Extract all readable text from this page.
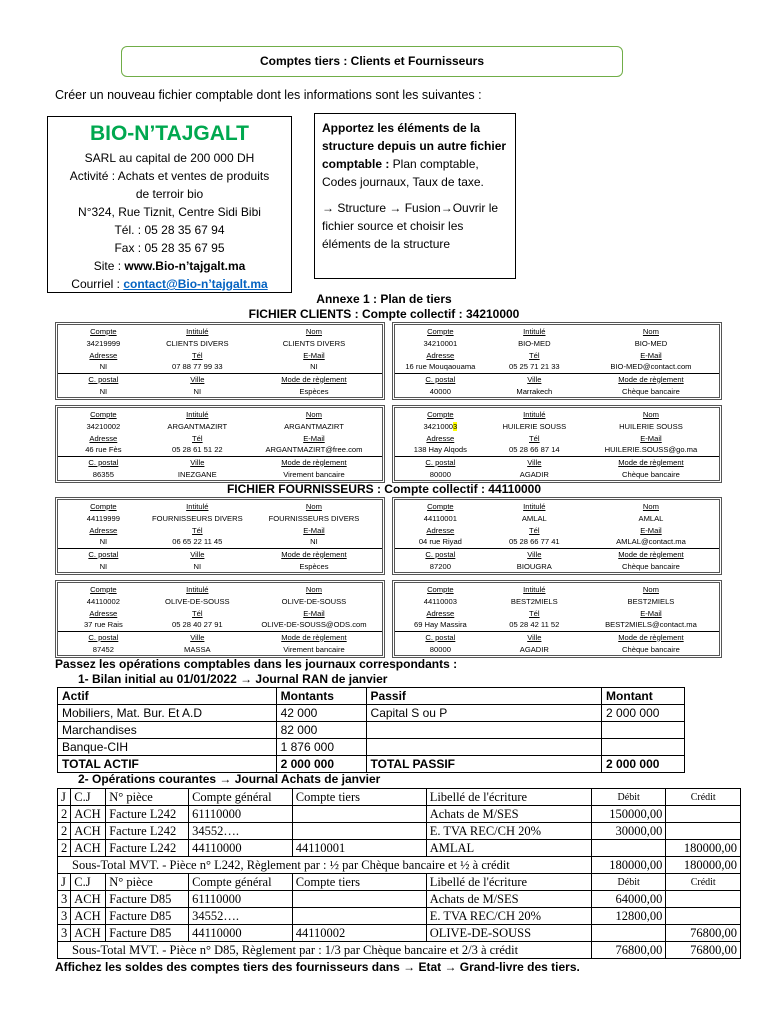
Comptes tiers : Clients et Fournisseurs
Créer un nouveau fichier comptable dont les informations sont les suivantes :
BIO-N’TAJGALT
SARL au capital de 200 000 DH
Activité : Achats et ventes de produits
de terroir bio
N°324, Rue Tiznit, Centre Sidi Bibi
Tél. : 05 28 35 67 94
Fax : 05 28 35 67 95
Site : www.Bio-n’tajgalt.ma
Courriel : contact@Bio-n’tajgalt.ma
Apportez les éléments de la structure depuis un autre fichier comptable : Plan comptable, Codes journaux, Taux de taxe.
→ Structure → Fusion→Ouvrir le fichier source et choisir les éléments de la structure
Annexe 1 : Plan de tiers
FICHIER CLIENTS : Compte collectif : 34210000
FICHIER FOURNISSEURS : Compte collectif : 44110000
Compte	Intitulé	Nom
34219999	CLIENTS DIVERS	CLIENTS DIVERS
Adresse	Tél	E-Mail
NI	07 88 77 99 33	NI
C. postal	Ville	Mode de règlement
NI	NI	Espèces
Compte	Intitulé	Nom
34210001	BIO-MED	BIO-MED
Adresse	Tél	E-Mail
16 rue Mouqaouama	05 25 71 21 33	BIO-MED@contact.com
C. postal	Ville	Mode de règlement
40000	Marrakech	Chèque bancaire
Compte	Intitulé	Nom
34210002	ARGANTMAZIRT	ARGANTMAZIRT
Adresse	Tél	E-Mail
46 rue Fès	05 28 61 51 22	ARGANTMAZIRT@free.com
C. postal	Ville	Mode de règlement
86355	INEZGANE	Virement bancaire
Compte	Intitulé	Nom
34210003	HUILERIE SOUSS	HUILERIE SOUSS
Adresse	Tél	E-Mail
138 Hay Alqods	05 28 66 87 14	HUILERIE.SOUSS@go.ma
C. postal	Ville	Mode de règlement
80000	AGADIR	Chèque bancaire
Compte	Intitulé	Nom
44119999	FOURNISSEURS DIVERS	FOURNISSEURS DIVERS
Adresse	Tél	E-Mail
NI	06 65 22 11 45	NI
C. postal	Ville	Mode de règlement
NI	NI	Espèces
Compte	Intitulé	Nom
44110001	AMLAL	AMLAL
Adresse	Tél	E-Mail
04 rue Riyad	05 28 66 77 41	AMLAL@contact.ma
C. postal	Ville	Mode de règlement
87200	BIOUGRA	Chèque bancaire
Compte	Intitulé	Nom
44110002	OLIVE-DE-SOUSS	OLIVE-DE-SOUSS
Adresse	Tél	E-Mail
37 rue Rais	05 28 40 27 91	OLIVE-DE-SOUSS@ODS.com
C. postal	Ville	Mode de règlement
87452	MASSA	Virement bancaire
Compte	Intitulé	Nom
44110003	BEST2MIELS	BEST2MIELS
Adresse	Tél	E-Mail
69 Hay Massira	05 28 42 11 52	BEST2MIELS@contact.ma
C. postal	Ville	Mode de règlement
80000	AGADIR	Chèque bancaire
Passez les opérations comptables dans les journaux correspondants :
1- Bilan initial au 01/01/2022 → Journal RAN de janvier
Actif	Montants	Passif	Montant
Mobiliers, Mat. Bur. Et A.D	42 000	Capital S ou P	2 000 000
Marchandises	82 000		
Banque-CIH	1 876 000		
TOTAL ACTIF	2 000 000	TOTAL PASSIF	2 000 000
2- Opérations courantes → Journal Achats de janvier
J	C.J	N° pièce	Compte général	Compte tiers	Libellé de l'écriture	Débit	Crédit
2	ACH	Facture L242	61110000		Achats de M/SES	150000,00	
2	ACH	Facture L242	34552….		E. TVA REC/CH 20%	30000,00	
2	ACH	Facture L242	44110000	44110001	AMLAL		180000,00
Sous-Total MVT. - Pièce n° L242, Règlement par : ½ par Chèque bancaire et ½ à crédit						180000,00	180000,00
J	C.J	N° pièce	Compte général	Compte tiers	Libellé de l'écriture	Débit	Crédit
3	ACH	Facture D85	61110000		Achats de M/SES	64000,00	
3	ACH	Facture D85	34552….		E. TVA REC/CH 20%	12800,00	
3	ACH	Facture D85	44110000	44110002	OLIVE-DE-SOUSS		76800,00
Sous-Total MVT. - Pièce n° D85, Règlement par : 1/3 par Chèque bancaire et 2/3 à crédit						76800,00	76800,00
Affichez les soldes des comptes tiers des fournisseurs dans → Etat → Grand-livre des tiers.
